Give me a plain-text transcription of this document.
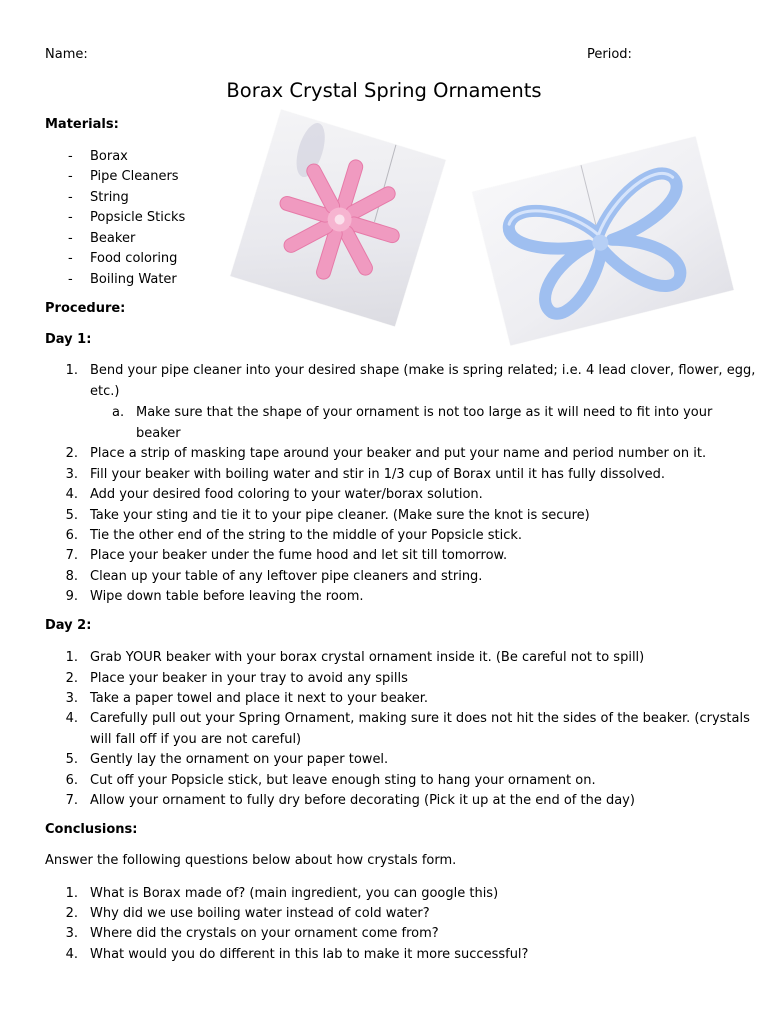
Name:	Period:
Borax Crystal Spring Ornaments
Materials:
- Borax
- Pipe Cleaners
- String
- Popsicle Sticks
- Beaker
- Food coloring
- Boiling Water
Procedure:
Day 1:
1. Bend your pipe cleaner into your desired shape (make is spring related; i.e. 4 lead clover, flower, egg,
etc.)
a. Make sure that the shape of your ornament is not too large as it will need to fit into your
beaker
2. Place a strip of masking tape around your beaker and put your name and period number on it.
3. Fill your beaker with boiling water and stir in 1/3 cup of Borax until it has fully dissolved.
4. Add your desired food coloring to your water/borax solution.
5. Take your sting and tie it to your pipe cleaner. (Make sure the knot is secure)
6. Tie the other end of the string to the middle of your Popsicle stick.
7. Place your beaker under the fume hood and let sit till tomorrow.
8. Clean up your table of any leftover pipe cleaners and string.
9. Wipe down table before leaving the room.
Day 2:
1. Grab YOUR beaker with your borax crystal ornament inside it. (Be careful not to spill)
2. Place your beaker in your tray to avoid any spills
3. Take a paper towel and place it next to your beaker.
4. Carefully pull out your Spring Ornament, making sure it does not hit the sides of the beaker. (crystals
will fall off if you are not careful)
5. Gently lay the ornament on your paper towel.
6. Cut off your Popsicle stick, but leave enough sting to hang your ornament on.
7. Allow your ornament to fully dry before decorating (Pick it up at the end of the day)
Conclusions:
Answer the following questions below about how crystals form.
1. What is Borax made of? (main ingredient, you can google this)
2. Why did we use boiling water instead of cold water?
3. Where did the crystals on your ornament come from?
4. What would you do different in this lab to make it more successful?
